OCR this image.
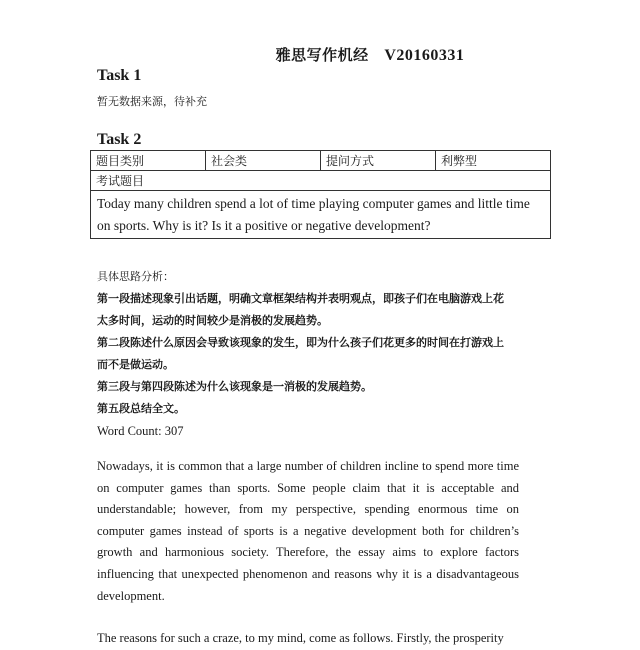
雅思写作机经 V20160331
Task 1
暂无数据来源，待补充
Task 2
题目类别	社会类	提问方式	利弊型
考试题目
Today many children spend a lot of time playing computer games and little time on sports. Why is it? Is it a positive or negative development?
具体思路分析：
第一段描述现象引出话题，明确文章框架结构并表明观点，即孩子们在电脑游戏上花
太多时间，运动的时间较少是消极的发展趋势。
第二段陈述什么原因会导致该现象的发生，即为什么孩子们花更多的时间在打游戏上
而不是做运动。
第三段与第四段陈述为什么该现象是一消极的发展趋势。
第五段总结全文。
Word Count: 307
Nowadays, it is common that a large number of children incline to spend more time on computer games than sports. Some people claim that it is acceptable and understandable; however, from my perspective, spending enormous time on computer games instead of sports is a negative development both for children’s growth and harmonious society. Therefore, the essay aims to explore factors influencing that unexpected phenomenon and reasons why it is a disadvantageous development.
The reasons for such a craze, to my mind, come as follows. Firstly, the prosperity
